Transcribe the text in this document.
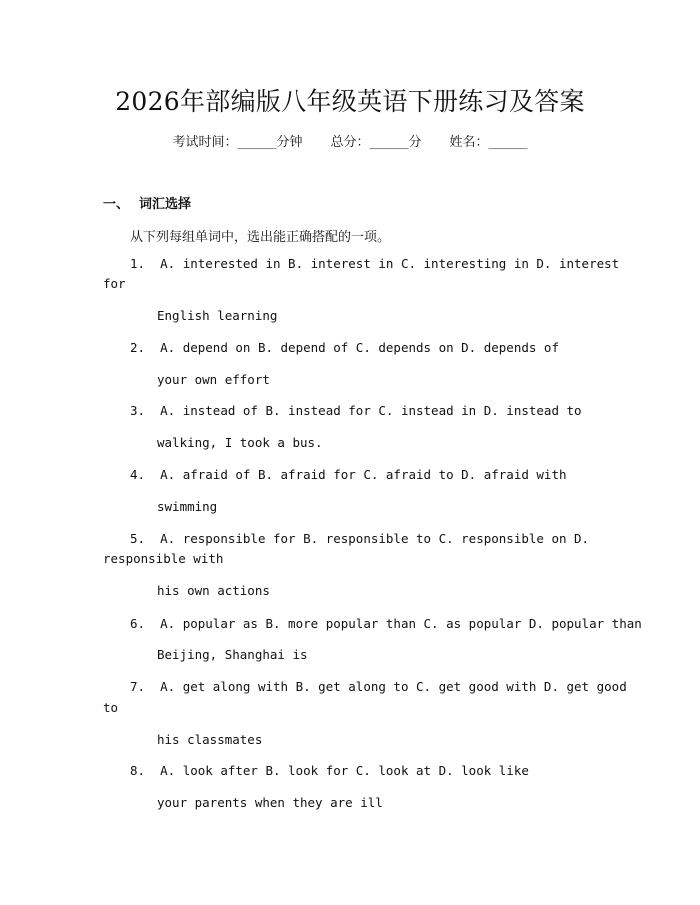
2026年部编版八年级英语下册练习及答案
考试时间：______分钟 总分：______分 姓名：______
一、 词汇选择
从下列每组单词中，选出能正确搭配的一项。
1. A. interested in B. interest in C. interesting in D. interest
for
English learning
2. A. depend on B. depend of C. depends on D. depends of
your own effort
3. A. instead of B. instead for C. instead in D. instead to
walking, I took a bus.
4. A. afraid of B. afraid for C. afraid to D. afraid with
swimming
5. A. responsible for B. responsible to C. responsible on D.
responsible with
his own actions
6. A. popular as B. more popular than C. as popular D. popular than
Beijing, Shanghai is
7. A. get along with B. get along to C. get good with D. get good
to
his classmates
8. A. look after B. look for C. look at D. look like
your parents when they are ill
